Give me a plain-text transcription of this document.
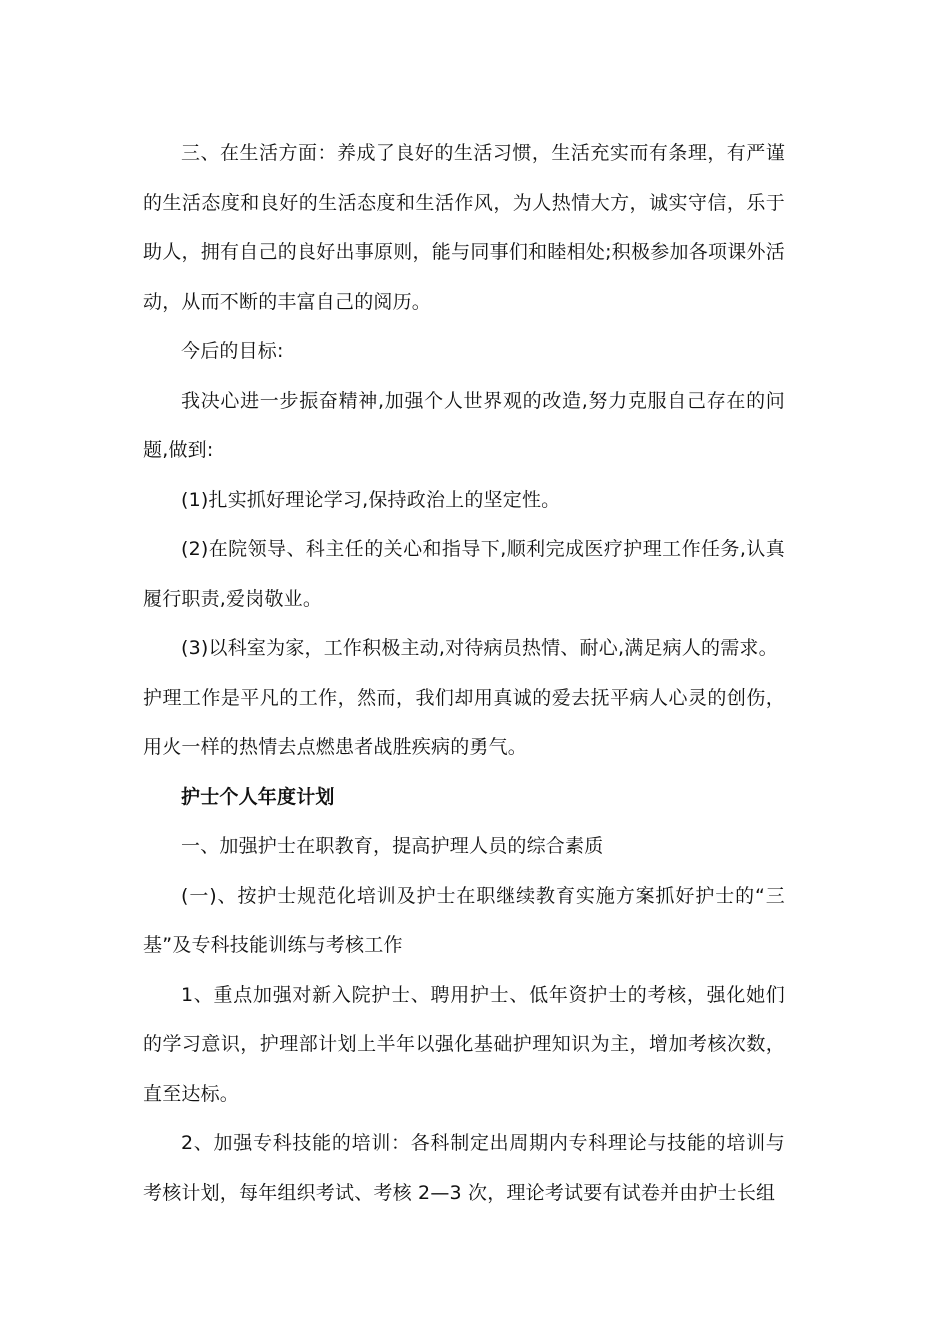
三、在生活方面：养成了良好的生活习惯，生活充实而有条理，有严谨的生活态度和良好的生活态度和生活作风，为人热情大方，诚实守信，乐于助人，拥有自己的良好出事原则，能与同事们和睦相处;积极参加各项课外活动，从而不断的丰富自己的阅历。

今后的目标:

我决心进一步振奋精神,加强个人世界观的改造,努力克服自己存在的问题,做到:

(1)扎实抓好理论学习,保持政治上的坚定性。

(2)在院领导、科主任的关心和指导下,顺利完成医疗护理工作任务,认真履行职责,爱岗敬业。

(3)以科室为家，工作积极主动,对待病员热情、耐心,满足病人的需求。

护理工作是平凡的工作，然而，我们却用真诚的爱去抚平病人心灵的创伤，用火一样的热情去点燃患者战胜疾病的勇气。

护士个人年度计划

一、加强护士在职教育，提高护理人员的综合素质

(一)、按护士规范化培训及护士在职继续教育实施方案抓好护士的“三基”及专科技能训练与考核工作

1、重点加强对新入院护士、聘用护士、低年资护士的考核，强化她们的学习意识，护理部计划上半年以强化基础护理知识为主，增加考核次数，直至达标。

2、加强专科技能的培训：各科制定出周期内专科理论与技能的培训与考核计划，每年组织考试、考核 2—3 次，理论考试要有试卷并由护士长组
